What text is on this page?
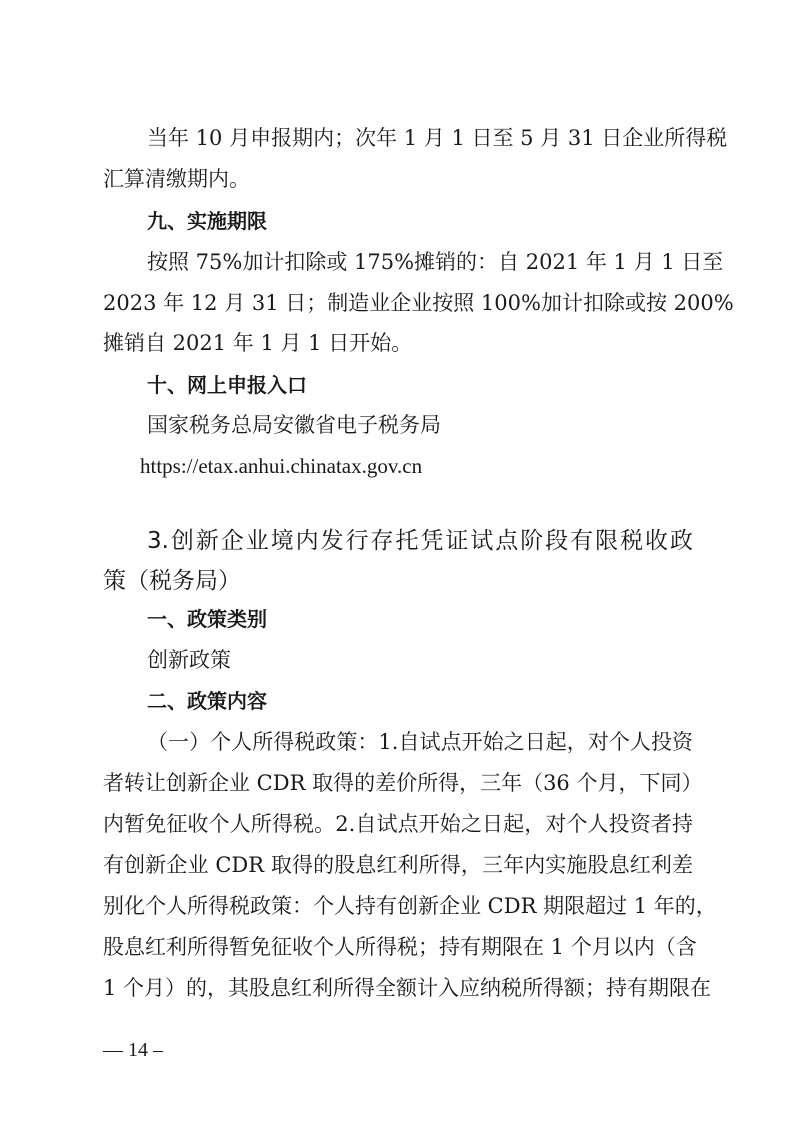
当年 10 月申报期内；次年 1 月 1 日至 5 月 31 日企业所得税
汇算清缴期内。
九、实施期限
按照 75%加计扣除或 175%摊销的：自 2021 年 1 月 1 日至
2023 年 12 月 31 日；制造业企业按照 100%加计扣除或按 200%
摊销自 2021 年 1 月 1 日开始。
十、网上申报入口
国家税务总局安徽省电子税务局
https://etax.anhui.chinatax.gov.cn
3.创新企业境内发行存托凭证试点阶段有限税收政
策（税务局）
一、政策类别
创新政策
二、政策内容
（一）个人所得税政策：1.自试点开始之日起，对个人投资
者转让创新企业 CDR 取得的差价所得，三年（36 个月，下同）
内暂免征收个人所得税。2.自试点开始之日起，对个人投资者持
有创新企业 CDR 取得的股息红利所得，三年内实施股息红利差
别化个人所得税政策：个人持有创新企业 CDR 期限超过 1 年的，
股息红利所得暂免征收个人所得税；持有期限在 1 个月以内（含
1 个月）的，其股息红利所得全额计入应纳税所得额；持有期限在
— 14 –
